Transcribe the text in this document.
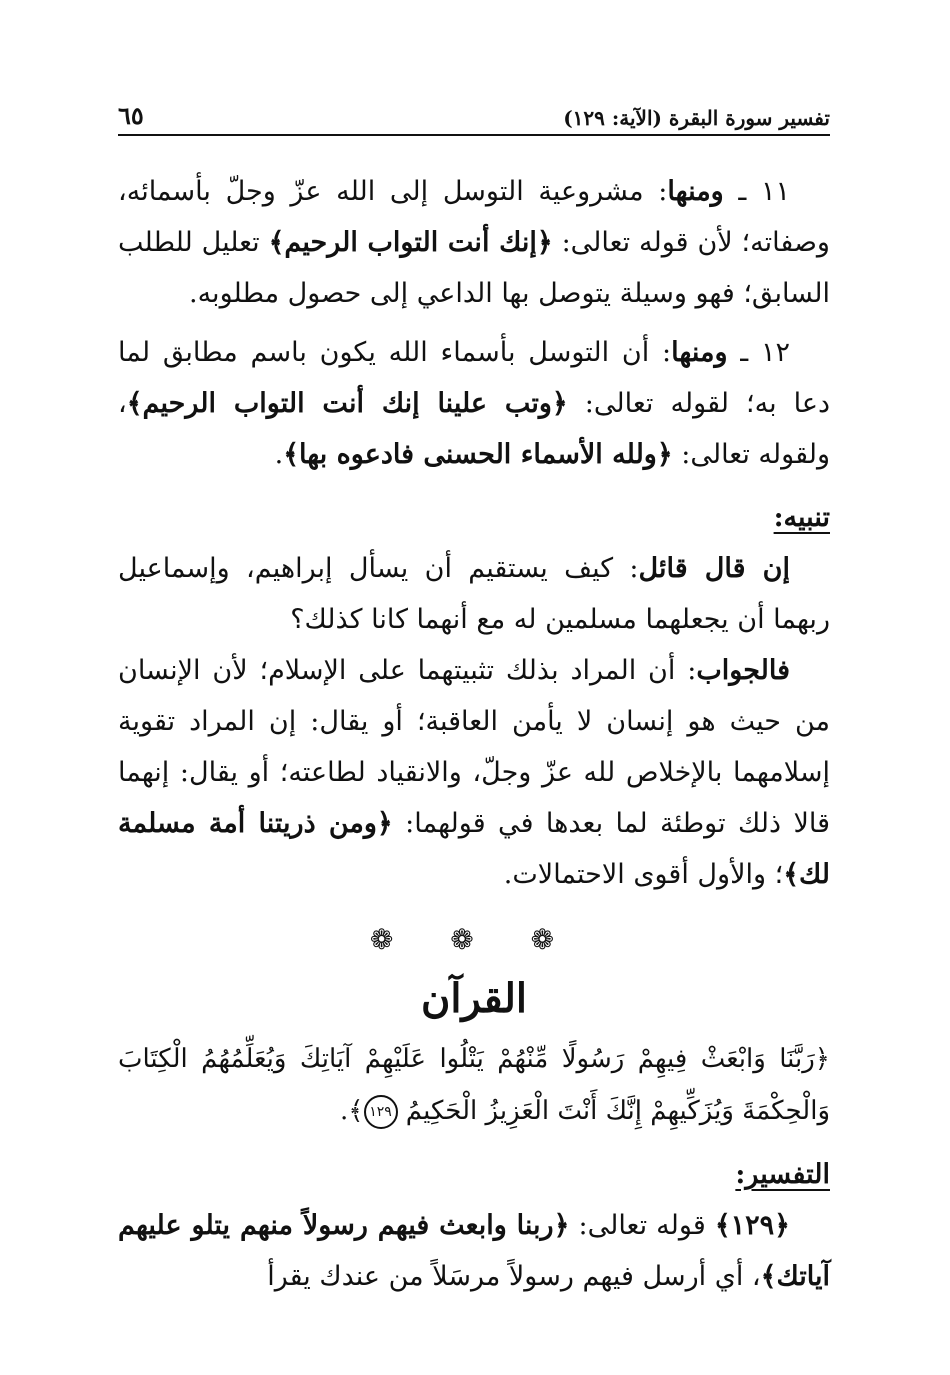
تفسير سورة البقرة (الآية: ١٢٩)
٦٥

١١ ـ ومنها: مشروعية التوسل إلى الله عزّ وجلّ بأسمائه، وصفاته؛ لأن قوله تعالى: ﴿إنك أنت التواب الرحيم﴾ تعليل للطلب السابق؛ فهو وسيلة يتوصل بها الداعي إلى حصول مطلوبه.

١٢ ـ ومنها: أن التوسل بأسماء الله يكون باسم مطابق لما دعا به؛ لقوله تعالى: ﴿وتب علينا إنك أنت التواب الرحيم﴾، ولقوله تعالى: ﴿ولله الأسماء الحسنى فادعوه بها﴾.

تنبيه:

إن قال قائل: كيف يستقيم أن يسأل إبراهيم، وإسماعيل ربهما أن يجعلهما مسلمين له مع أنهما كانا كذلك؟

فالجواب: أن المراد بذلك تثبيتهما على الإسلام؛ لأن الإنسان من حيث هو إنسان لا يأمن العاقبة؛ أو يقال: إن المراد تقوية إسلامهما بالإخلاص لله عزّ وجلّ، والانقياد لطاعته؛ أو يقال: إنهما قالا ذلك توطئة لما بعدها في قولهما: ﴿ومن ذريتنا أمة مسلمة لك﴾؛ والأول أقوى الاحتمالات.

❁ ❁ ❁
القرآن

﴿رَبَّنَا وَابْعَثْ فِيهِمْ رَسُولًا مِّنْهُمْ يَتْلُوا عَلَيْهِمْ آيَاتِكَ وَيُعَلِّمُهُمُ الْكِتَابَ وَالْحِكْمَةَ وَيُزَكِّيهِمْ إِنَّكَ أَنْتَ الْعَزِيزُ الْحَكِيمُ ١٢٩﴾.

التفسير:

﴿١٢٩﴾ قوله تعالى: ﴿ربنا وابعث فيهم رسولاً منهم يتلو عليهم آياتك﴾، أي أرسل فيهم رسولاً مرسَلاً من عندك يقرأ
